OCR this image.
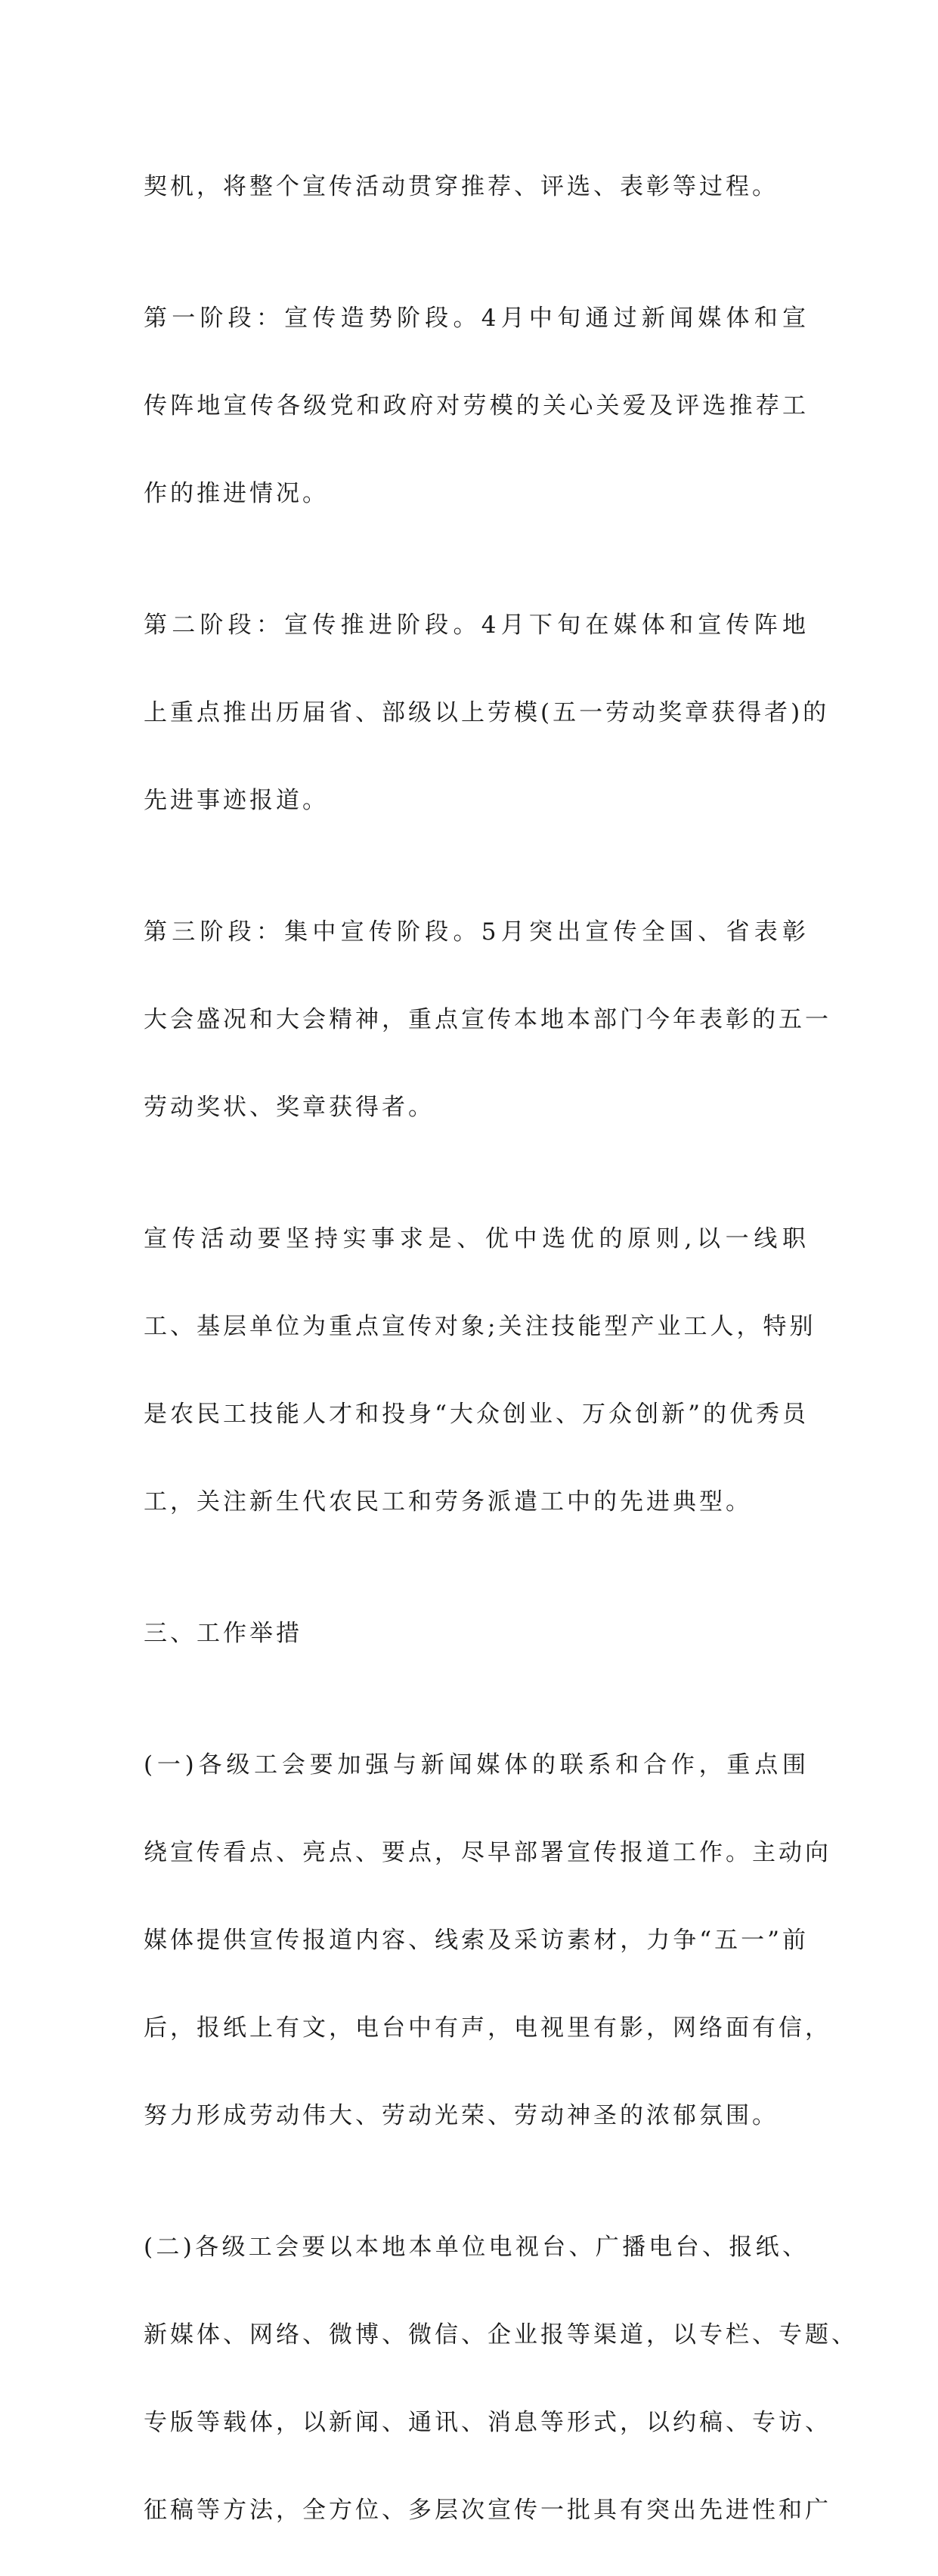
契机，将整个宣传活动贯穿推荐、评选、表彰等过程。

第一阶段：宣传造势阶段。4月中旬通过新闻媒体和宣

传阵地宣传各级党和政府对劳模的关心关爱及评选推荐工

作的推进情况。

第二阶段：宣传推进阶段。4月下旬在媒体和宣传阵地

上重点推出历届省、部级以上劳模(五一劳动奖章获得者)的

先进事迹报道。

第三阶段：集中宣传阶段。5月突出宣传全国、省表彰

大会盛况和大会精神，重点宣传本地本部门今年表彰的五一

劳动奖状、奖章获得者。

宣传活动要坚持实事求是、优中选优的原则,以一线职

工、基层单位为重点宣传对象;关注技能型产业工人，特别

是农民工技能人才和投身“大众创业、万众创新”的优秀员

工，关注新生代农民工和劳务派遣工中的先进典型。

三、工作举措

(一)各级工会要加强与新闻媒体的联系和合作，重点围

绕宣传看点、亮点、要点，尽早部署宣传报道工作。主动向

媒体提供宣传报道内容、线索及采访素材，力争“五一”前

后，报纸上有文，电台中有声，电视里有影，网络面有信，

努力形成劳动伟大、劳动光荣、劳动神圣的浓郁氛围。

(二)各级工会要以本地本单位电视台、广播电台、报纸、

新媒体、网络、微博、微信、企业报等渠道，以专栏、专题、

专版等载体，以新闻、通讯、消息等形式，以约稿、专访、

征稿等方法，全方位、多层次宣传一批具有突出先进性和广
